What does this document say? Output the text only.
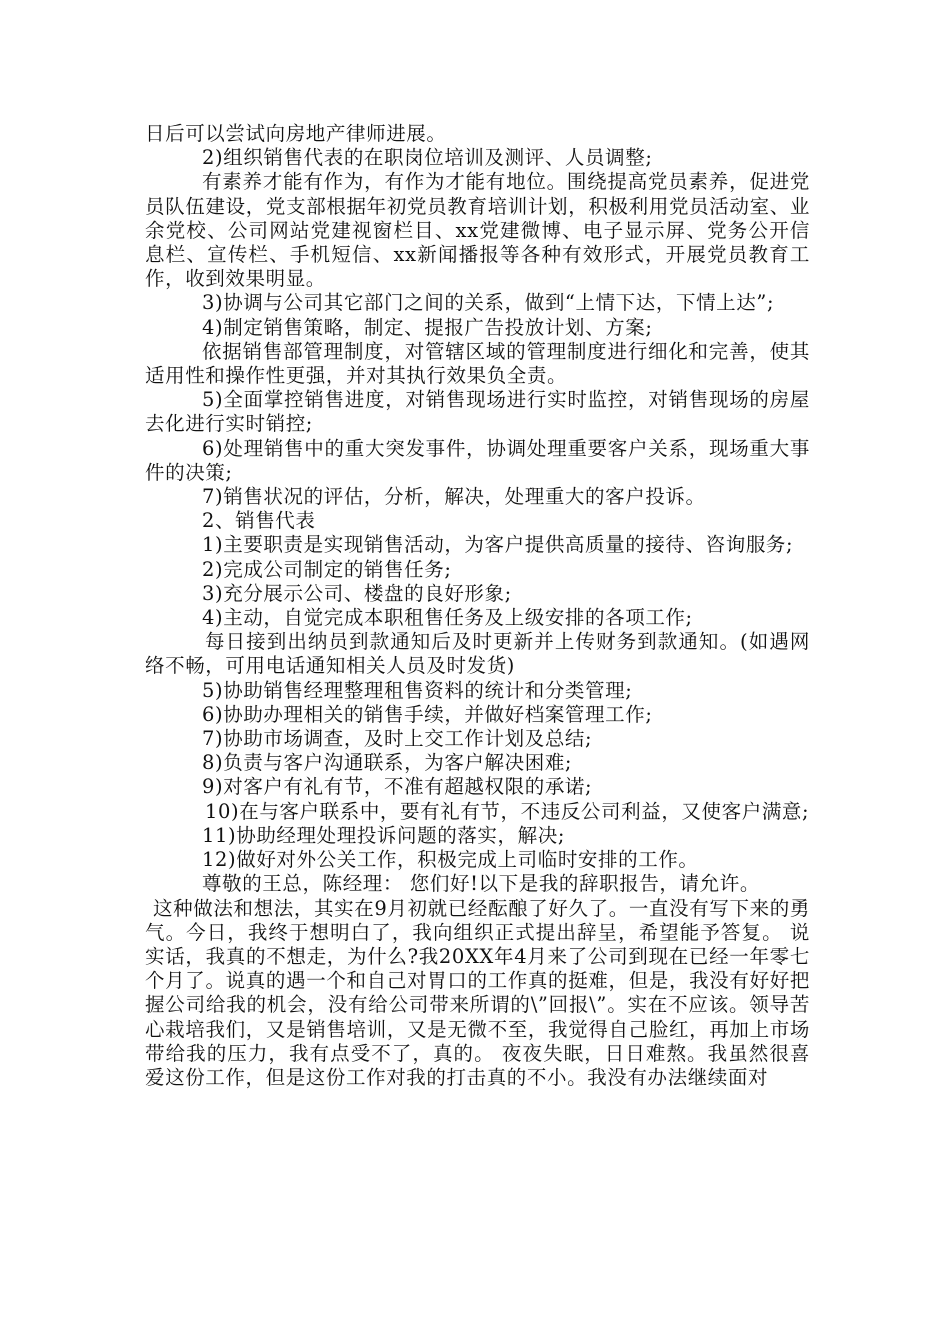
日后可以尝试向房地产律师进展。

2)组织销售代表的在职岗位培训及测评、人员调整;

有素养才能有作为，有作为才能有地位。围绕提高党员素养，促进党员队伍建设，党支部根据年初党员教育培训计划，积极利用党员活动室、业余党校、公司网站党建视窗栏目、xx党建微博、电子显示屏、党务公开信息栏、宣传栏、手机短信、xx新闻播报等各种有效形式，开展党员教育工作，收到效果明显。

3)协调与公司其它部门之间的关系，做到“上情下达，下情上达”;

4)制定销售策略，制定、提报广告投放计划、方案;

依据销售部管理制度，对管辖区域的管理制度进行细化和完善，使其适用性和操作性更强，并对其执行效果负全责。

5)全面掌控销售进度，对销售现场进行实时监控，对销售现场的房屋去化进行实时销控;

6)处理销售中的重大突发事件，协调处理重要客户关系，现场重大事件的决策;

7)销售状况的评估，分析，解决，处理重大的客户投诉。

2、销售代表

1)主要职责是实现销售活动，为客户提供高质量的接待、咨询服务;

2)完成公司制定的销售任务;

3)充分展示公司、楼盘的良好形象;

4)主动，自觉完成本职租售任务及上级安排的各项工作;

每日接到出纳员到款通知后及时更新并上传财务到款通知。(如遇网络不畅，可用电话通知相关人员及时发货)

5)协助销售经理整理租售资料的统计和分类管理;

6)协助办理相关的销售手续，并做好档案管理工作;

7)协助市场调查，及时上交工作计划及总结;

8)负责与客户沟通联系，为客户解决困难;

9)对客户有礼有节，不准有超越权限的承诺;

10)在与客户联系中，要有礼有节，不违反公司利益，又使客户满意;

11)协助经理处理投诉问题的落实，解决;

12)做好对外公关工作，积极完成上司临时安排的工作。

尊敬的王总，陈经理： 您们好!以下是我的辞职报告，请允许。

这种做法和想法，其实在9月初就已经酝酿了好久了。一直没有写下来的勇气。今日，我终于想明白了，我向组织正式提出辞呈，希望能予答复。 说实话，我真的不想走，为什么?我20XX年4月来了公司到现在已经一年零七个月了。说真的遇一个和自己对胃口的工作真的挺难，但是，我没有好好把握公司给我的机会，没有给公司带来所谓的\”回报\”。实在不应该。领导苦心栽培我们，又是销售培训，又是无微不至，我觉得自己脸红，再加上市场带给我的压力，我有点受不了，真的。 夜夜失眠，日日难熬。我虽然很喜爱这份工作，但是这份工作对我的打击真的不小。我没有办法继续面对
